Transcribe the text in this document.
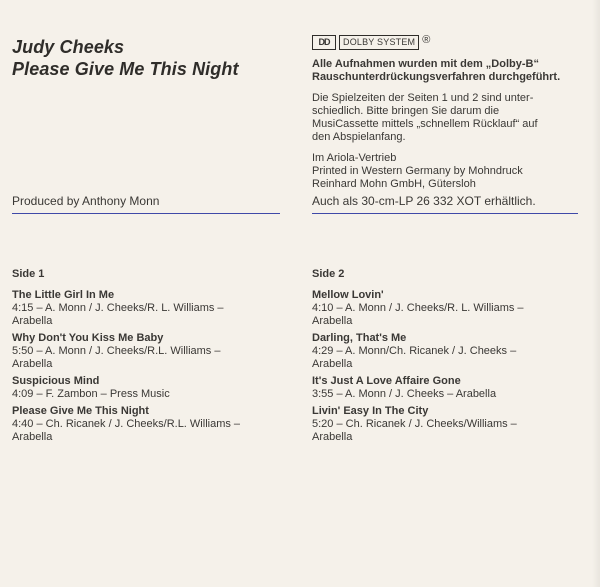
Judy Cheeks
Please Give Me This Night
DD	DOLBY SYSTEM ®
Alle Aufnahmen wurden mit dem „Dolby-B“
Rauschunterdrückungsverfahren durchgeführt.
Die Spielzeiten der Seiten 1 und 2 sind unter-
schiedlich. Bitte bringen Sie darum die
MusiCassette mittels „schnellem Rücklauf“ auf
den Abspielanfang.
Im Ariola-Vertrieb
Printed in Western Germany by Mohndruck
Reinhard Mohn GmbH, Gütersloh
Produced by Anthony Monn	Auch als 30-cm-LP 26 332 XOT erhältlich.
Side 1
The Little Girl In Me
4:15 – A. Monn / J. Cheeks/R. L. Williams –
Arabella
Why Don't You Kiss Me Baby
5:50 – A. Monn / J. Cheeks/R.L. Williams –
Arabella
Suspicious Mind
4:09 – F. Zambon – Press Music
Please Give Me This Night
4:40 – Ch. Ricanek / J. Cheeks/R.L. Williams –
Arabella
Side 2
Mellow Lovin'
4:10 – A. Monn / J. Cheeks/R. L. Williams –
Arabella
Darling, That's Me
4:29 – A. Monn/Ch. Ricanek / J. Cheeks –
Arabella
It's Just A Love Affaire Gone
3:55 – A. Monn / J. Cheeks – Arabella
Livin' Easy In The City
5:20 – Ch. Ricanek / J. Cheeks/Williams –
Arabella
